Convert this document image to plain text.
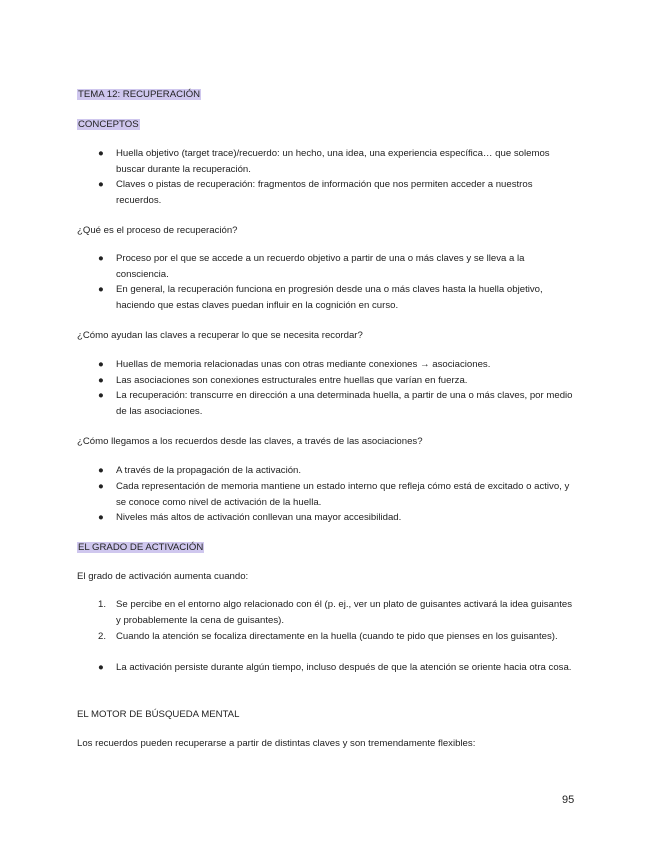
TEMA 12: RECUPERACIÓN
CONCEPTOS
●	Huella objetivo (target trace)/recuerdo: un hecho, una idea, una experiencia específica… que solemos buscar durante la recuperación.
●	Claves o pistas de recuperación: fragmentos de información que nos permiten acceder a nuestros recuerdos.
¿Qué es el proceso de recuperación?
●	Proceso por el que se accede a un recuerdo objetivo a partir de una o más claves y se lleva a la consciencia.
●	En general, la recuperación funciona en progresión desde una o más claves hasta la huella objetivo, haciendo que estas claves puedan influir en la cognición en curso.
¿Cómo ayudan las claves a recuperar lo que se necesita recordar?
●	Huellas de memoria relacionadas unas con otras mediante conexiones → asociaciones.
●	Las asociaciones son conexiones estructurales entre huellas que varían en fuerza.
●	La recuperación: transcurre en dirección a una determinada huella, a partir de una o más claves, por medio de las asociaciones.
¿Cómo llegamos a los recuerdos desde las claves, a través de las asociaciones?
●	A través de la propagación de la activación.
●	Cada representación de memoria mantiene un estado interno que refleja cómo está de excitado o activo, y se conoce como nivel de activación de la huella.
●	Niveles más altos de activación conllevan una mayor accesibilidad.
EL GRADO DE ACTIVACIÓN
El grado de activación aumenta cuando:
1.	Se percibe en el entorno algo relacionado con él (p. ej., ver un plato de guisantes activará la idea guisantes y probablemente la cena de guisantes).
2.	Cuando la atención se focaliza directamente en la huella (cuando te pido que pienses en los guisantes).
●	La activación persiste durante algún tiempo, incluso después de que la atención se oriente hacia otra cosa.
EL MOTOR DE BÚSQUEDA MENTAL
Los recuerdos pueden recuperarse a partir de distintas claves y son tremendamente flexibles:
95
